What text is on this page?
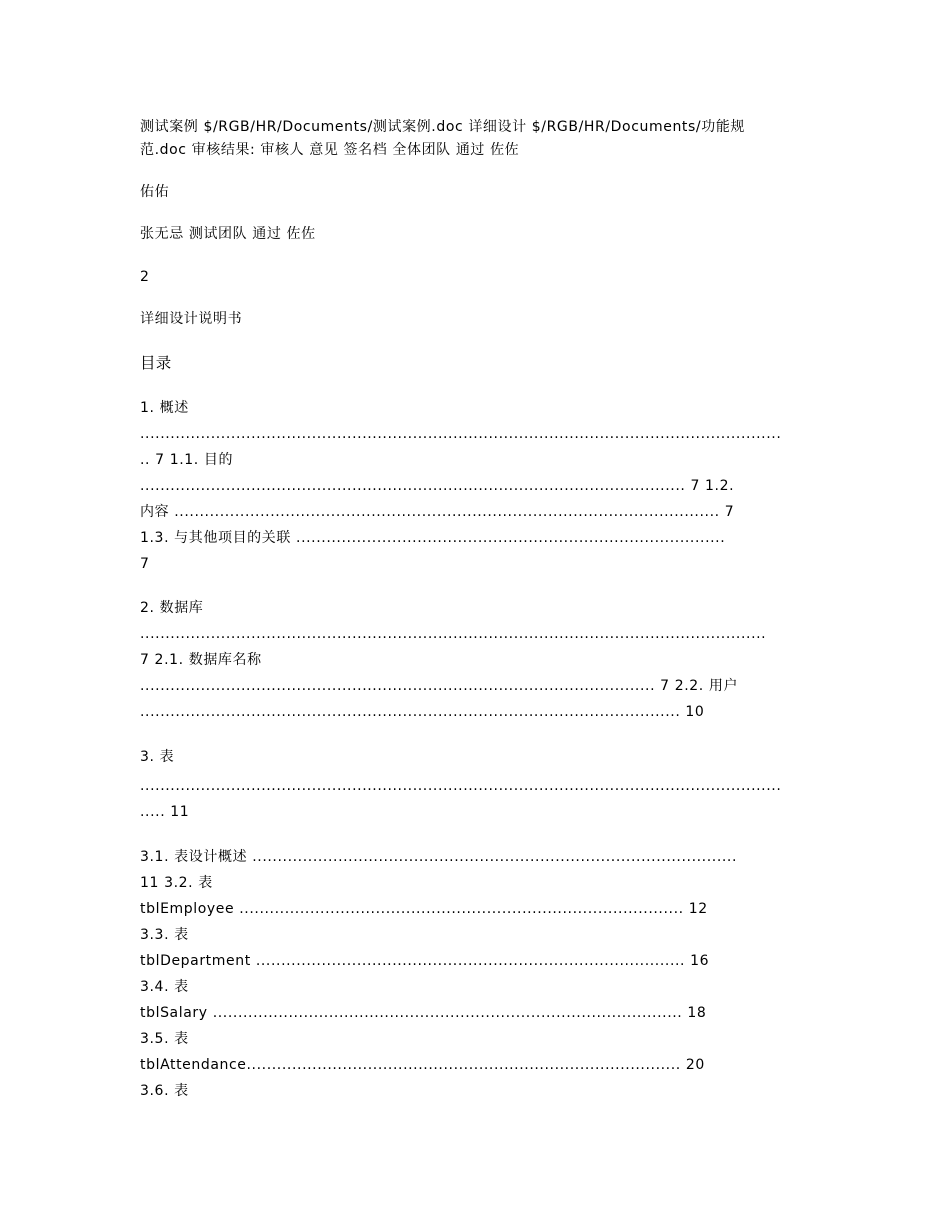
测试案例 $/RGB/HR/Documents/测试案例.doc 详细设计 $/RGB/HR/Documents/功能规

范.doc 审核结果: 审核人 意见 签名档 全体团队 通过 佐佐

佑佑

张无忌 测试团队 通过 佐佐

2

详细设计说明书

目录

1. 概述

...............................................................................................................................

.. 7 1.1. 目的

............................................................................................................ 7 1.2.

内容 ............................................................................................................ 7

1.3. 与其他项目的关联 .....................................................................................

7

2. 数据库

............................................................................................................................

7 2.1. 数据库名称

...................................................................................................... 7 2.2. 用户

........................................................................................................... 10

3. 表

...............................................................................................................................

..... 11

3.1. 表设计概述 ................................................................................................

11 3.2. 表

tblEmployee ........................................................................................ 12

3.3. 表

tblDepartment ..................................................................................... 16

3.4. 表

tblSalary ............................................................................................. 18

3.5. 表

tblAttendance...................................................................................... 20

3.6. 表
